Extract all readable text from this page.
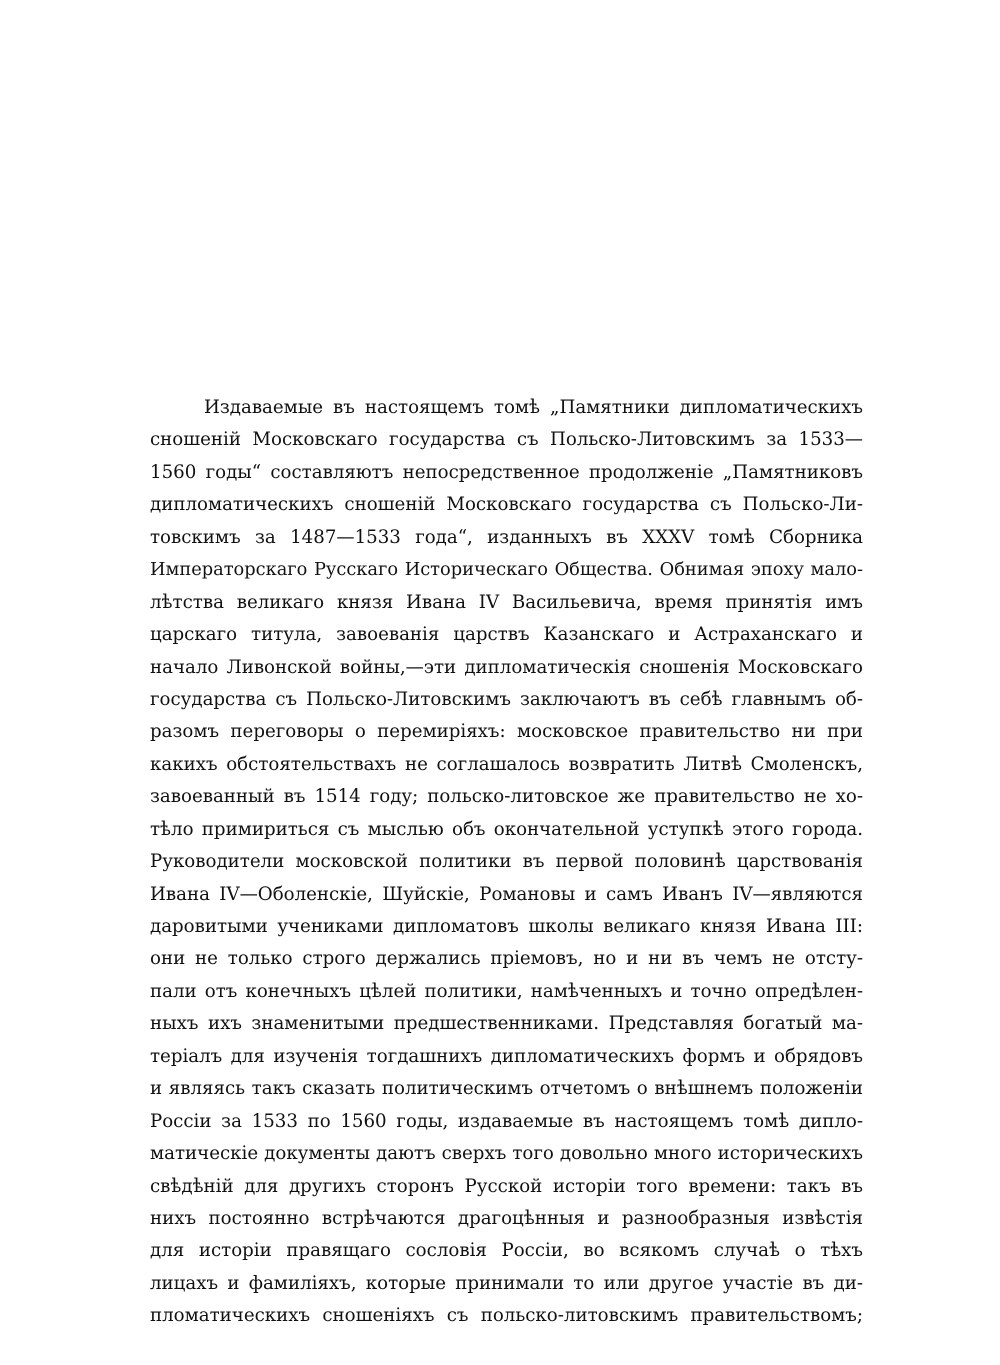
Издаваемые въ настоящемъ томѣ „Памятники дипломатическихъ
сношеній Московскаго государства съ Польско-Литовскимъ за 1533—
1560 годы“ составляютъ непосредственное продолженіе „Памятниковъ
дипломатическихъ сношеній Московскаго государства съ Польско-Ли-
товскимъ за 1487—1533 года“, изданныхъ въ XXXV томѣ Сборника
Императорскаго Русскаго Историческаго Общества. Обнимая эпоху мало-
лѣтства великаго князя Ивана IV Васильевича, время принятія имъ
царскаго титула, завоеванія царствъ Казанскаго и Астраханскаго и
начало Ливонской войны,—эти дипломатическія сношенія Московскаго
государства съ Польско-Литовскимъ заключаютъ въ себѣ главнымъ об-
разомъ переговоры о перемиріяхъ: московское правительство ни при
какихъ обстоятельствахъ не соглашалось возвратить Литвѣ Смоленскъ,
завоеванный въ 1514 году; польско-литовское же правительство не хо-
тѣло примириться съ мыслью объ окончательной уступкѣ этого города.
Руководители московской политики въ первой половинѣ царствованія
Ивана IV—Оболенскіе, Шуйскіе, Романовы и самъ Иванъ IV—являются
даровитыми учениками дипломатовъ школы великаго князя Ивана III:
они не только строго держались пріемовъ, но и ни въ чемъ не отсту-
пали отъ конечныхъ цѣлей политики, намѣченныхъ и точно опредѣлен-
ныхъ ихъ знаменитыми предшественниками. Представляя богатый ма-
теріалъ для изученія тогдашнихъ дипломатическихъ формъ и обрядовъ
и являясь такъ сказать политическимъ отчетомъ о внѣшнемъ положеніи
Россіи за 1533 по 1560 годы, издаваемые въ настоящемъ томѣ дипло-
матическіе документы даютъ сверхъ того довольно много историческихъ
свѣдѣній для другихъ сторонъ Русской исторіи того времени: такъ въ
нихъ постоянно встрѣчаются драгоцѣнныя и разнообразныя извѣстія
для исторіи правящаго сословія Россіи, во всякомъ случаѣ о тѣхъ
лицахъ и фамиліяхъ, которые принимали то или другое участіе въ ди-
пломатическихъ сношеніяхъ съ польско-литовскимъ правительствомъ;
